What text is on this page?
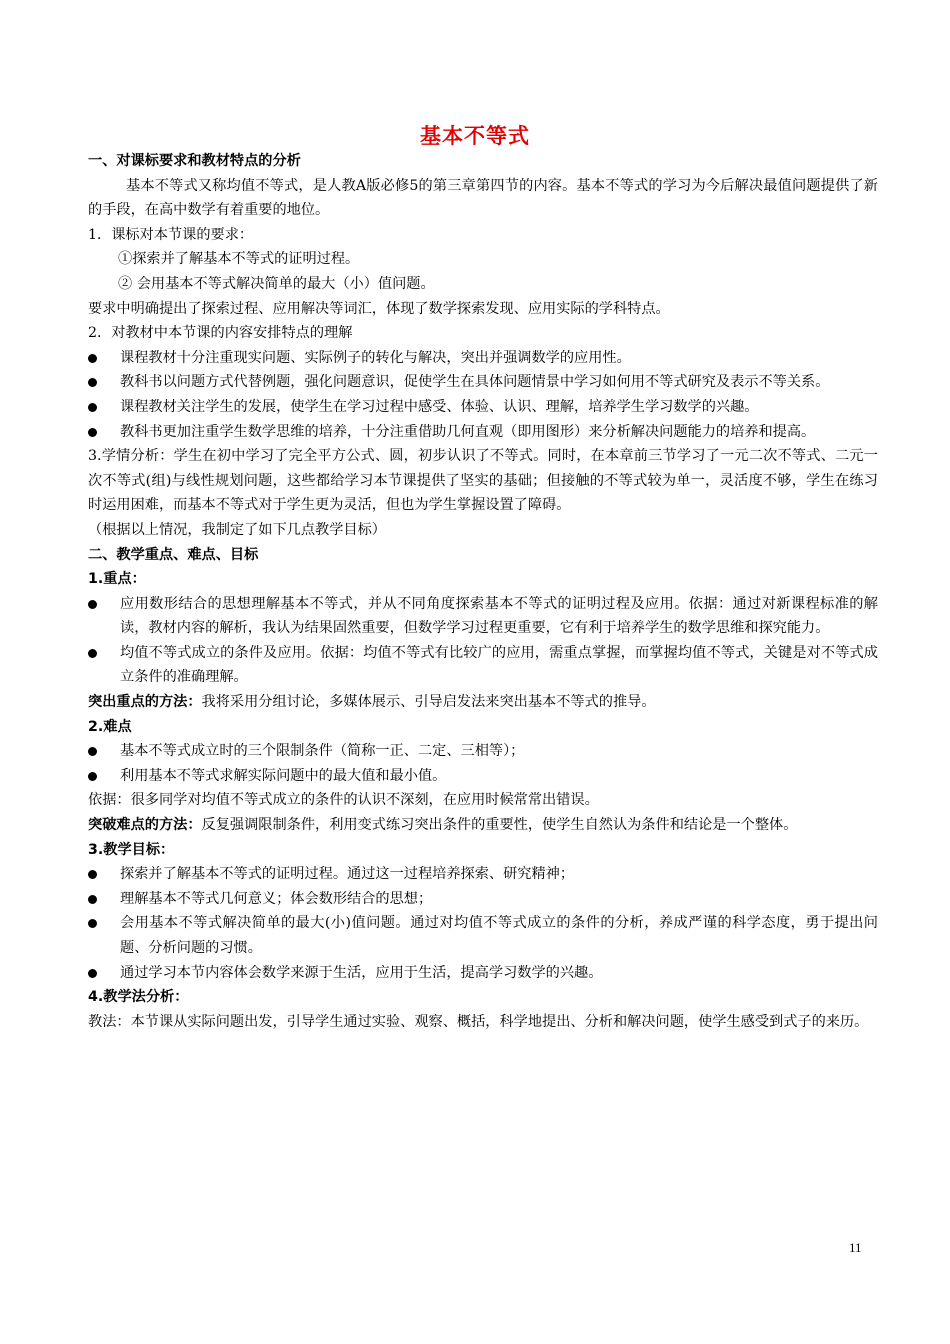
基本不等式
一、对课标要求和教材特点的分析
基本不等式又称均值不等式，是人教A版必修5的第三章第四节的内容。基本不等式的学习为今后解决最值问题提供了新的手段，在高中数学有着重要的地位。
1．课标对本节课的要求：
①探索并了解基本不等式的证明过程。
② 会用基本不等式解决简单的最大（小）值问题。
要求中明确提出了探索过程、应用解决等词汇，体现了数学探索发现、应用实际的学科特点。
2．对教材中本节课的内容安排特点的理解
课程教材十分注重现实问题、实际例子的转化与解决，突出并强调数学的应用性。
教科书以问题方式代替例题，强化问题意识，促使学生在具体问题情景中学习如何用不等式研究及表示不等关系。
课程教材关注学生的发展，使学生在学习过程中感受、体验、认识、理解，培养学生学习数学的兴趣。
教科书更加注重学生数学思维的培养，十分注重借助几何直观（即用图形）来分析解决问题能力的培养和提高。
3.学情分析：学生在初中学习了完全平方公式、圆，初步认识了不等式。同时，在本章前三节学习了一元二次不等式、二元一次不等式(组)与线性规划问题，这些都给学习本节课提供了坚实的基础；但接触的不等式较为单一，灵活度不够，学生在练习时运用困难，而基本不等式对于学生更为灵活，但也为学生掌握设置了障碍。
（根据以上情况，我制定了如下几点教学目标）
二、教学重点、难点、目标
1.重点：
应用数形结合的思想理解基本不等式，并从不同角度探索基本不等式的证明过程及应用。依据：通过对新课程标准的解读，教材内容的解析，我认为结果固然重要，但数学学习过程更重要，它有利于培养学生的数学思维和探究能力。
均值不等式成立的条件及应用。依据：均值不等式有比较广的应用，需重点掌握，而掌握均值不等式，关键是对不等式成立条件的准确理解。
突出重点的方法：我将采用分组讨论，多媒体展示、引导启发法来突出基本不等式的推导。
2.难点
基本不等式成立时的三个限制条件（简称一正、二定、三相等）；
利用基本不等式求解实际问题中的最大值和最小值。
依据：很多同学对均值不等式成立的条件的认识不深刻，在应用时候常常出错误。
突破难点的方法：反复强调限制条件，利用变式练习突出条件的重要性，使学生自然认为条件和结论是一个整体。
3.教学目标：
探索并了解基本不等式的证明过程。通过这一过程培养探索、研究精神；
理解基本不等式几何意义；体会数形结合的思想；
会用基本不等式解决简单的最大(小)值问题。通过对均值不等式成立的条件的分析，养成严谨的科学态度，勇于提出问题、分析问题的习惯。
通过学习本节内容体会数学来源于生活，应用于生活，提高学习数学的兴趣。
4.教学法分析：
教法：本节课从实际问题出发，引导学生通过实验、观察、概括，科学地提出、分析和解决问题，使学生感受到式子的来历。
11
